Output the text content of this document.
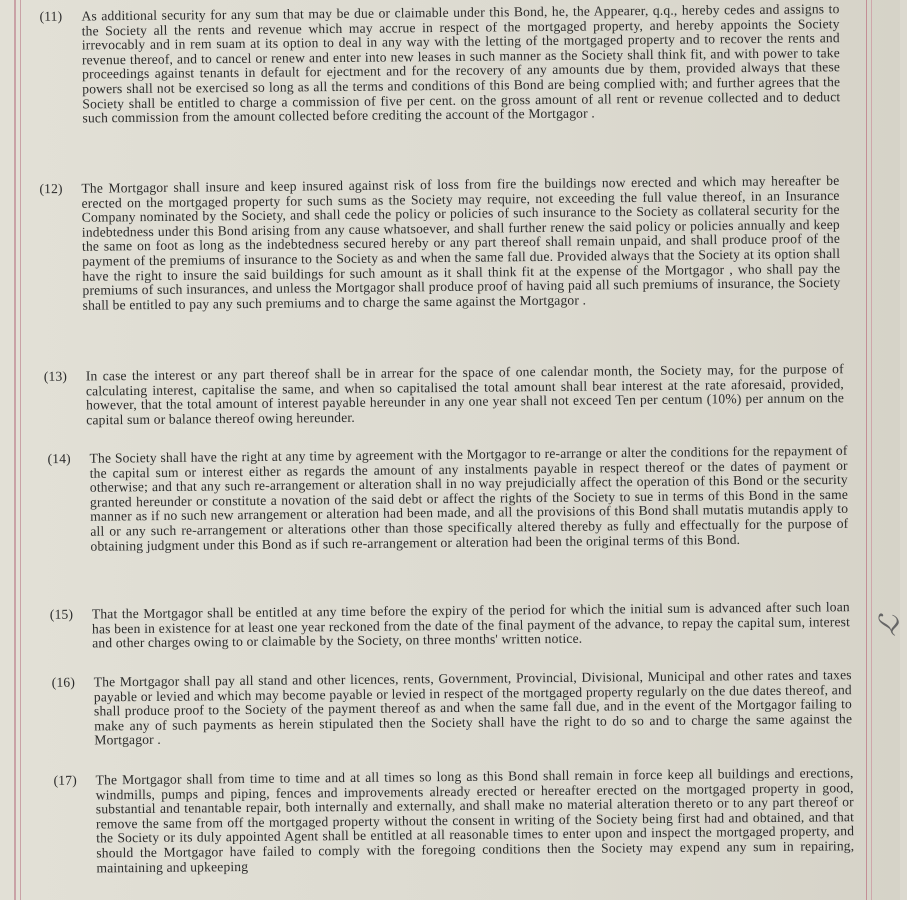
ℒ
(11)	As additional security for any sum that may be due or claimable under this Bond, he, the Appearer, q.q., hereby cedes and assigns to the Society all the rents and revenue which may accrue in respect of the mortgaged property, and hereby appoints the Society irrevocably and in rem suam at its option to deal in any way with the letting of the mortgaged property and to recover the rents and revenue thereof, and to cancel or renew and enter into new leases in such manner as the Society shall think fit, and with power to take proceedings against tenants in default for ejectment and for the recovery of any amounts due by them, provided always that these powers shall not be exercised so long as all the terms and conditions of this Bond are being complied with; and further agrees that the Society shall be entitled to charge a commission of five per cent. on the gross amount of all rent or revenue collected and to deduct such commission from the amount collected before crediting the account of the Mortgagor .
(12)	The Mortgagor shall insure and keep insured against risk of loss from fire the buildings now erected and which may hereafter be erected on the mortgaged property for such sums as the Society may require, not exceeding the full value thereof, in an Insurance Company nominated by the Society, and shall cede the policy or policies of such insurance to the Society as collateral security for the indebtedness under this Bond arising from any cause whatsoever, and shall further renew the said policy or policies annually and keep the same on foot as long as the indebtedness secured hereby or any part thereof shall remain unpaid, and shall produce proof of the payment of the premiums of insurance to the Society as and when the same fall due. Provided always that the Society at its option shall have the right to insure the said buildings for such amount as it shall think fit at the expense of the Mortgagor , who shall pay the premiums of such insurances, and unless the Mortgagor shall produce proof of having paid all such premiums of insurance, the Society shall be entitled to pay any such premiums and to charge the same against the Mortgagor .
(13)	In case the interest or any part thereof shall be in arrear for the space of one calendar month, the Society may, for the purpose of calculating interest, capitalise the same, and when so capitalised the total amount shall bear interest at the rate aforesaid, provided, however, that the total amount of interest payable hereunder in any one year shall not exceed Ten per centum (10%) per annum on the capital sum or balance thereof owing hereunder.
(14)	The Society shall have the right at any time by agreement with the Mortgagor to re-arrange or alter the conditions for the repayment of the capital sum or interest either as regards the amount of any instalments payable in respect thereof or the dates of payment or otherwise; and that any such re-arrangement or alteration shall in no way prejudicially affect the operation of this Bond or the security granted hereunder or constitute a novation of the said debt or affect the rights of the Society to sue in terms of this Bond in the same manner as if no such new arrangement or alteration had been made, and all the provisions of this Bond shall mutatis mutandis apply to all or any such re-arrangement or alterations other than those specifically altered thereby as fully and effectually for the purpose of obtaining judgment under this Bond as if such re-arrangement or alteration had been the original terms of this Bond.
(15)	That the Mortgagor shall be entitled at any time before the expiry of the period for which the initial sum is advanced after such loan has been in existence for at least one year reckoned from the date of the final payment of the advance, to repay the capital sum, interest and other charges owing to or claimable by the Society, on three months' written notice.
(16)	The Mortgagor shall pay all stand and other licences, rents, Government, Provincial, Divisional, Municipal and other rates and taxes payable or levied and which may become payable or levied in respect of the mortgaged property regularly on the due dates thereof, and shall produce proof to the Society of the payment thereof as and when the same fall due, and in the event of the Mortgagor failing to make any of such payments as herein stipulated then the Society shall have the right to do so and to charge the same against the Mortgagor .
(17)	The Mortgagor shall from time to time and at all times so long as this Bond shall remain in force keep all buildings and erections, windmills, pumps and piping, fences and improvements already erected or hereafter erected on the mortgaged property in good, substantial and tenantable repair, both internally and externally, and shall make no material alteration thereto or to any part thereof or remove the same from off the mortgaged property without the consent in writing of the Society being first had and obtained, and that the Society or its duly appointed Agent shall be entitled at all reasonable times to enter upon and inspect the mortgaged property, and should the Mortgagor have failed to comply with the foregoing conditions then the Society may expend any sum in repairing, maintaining and upkeeping
